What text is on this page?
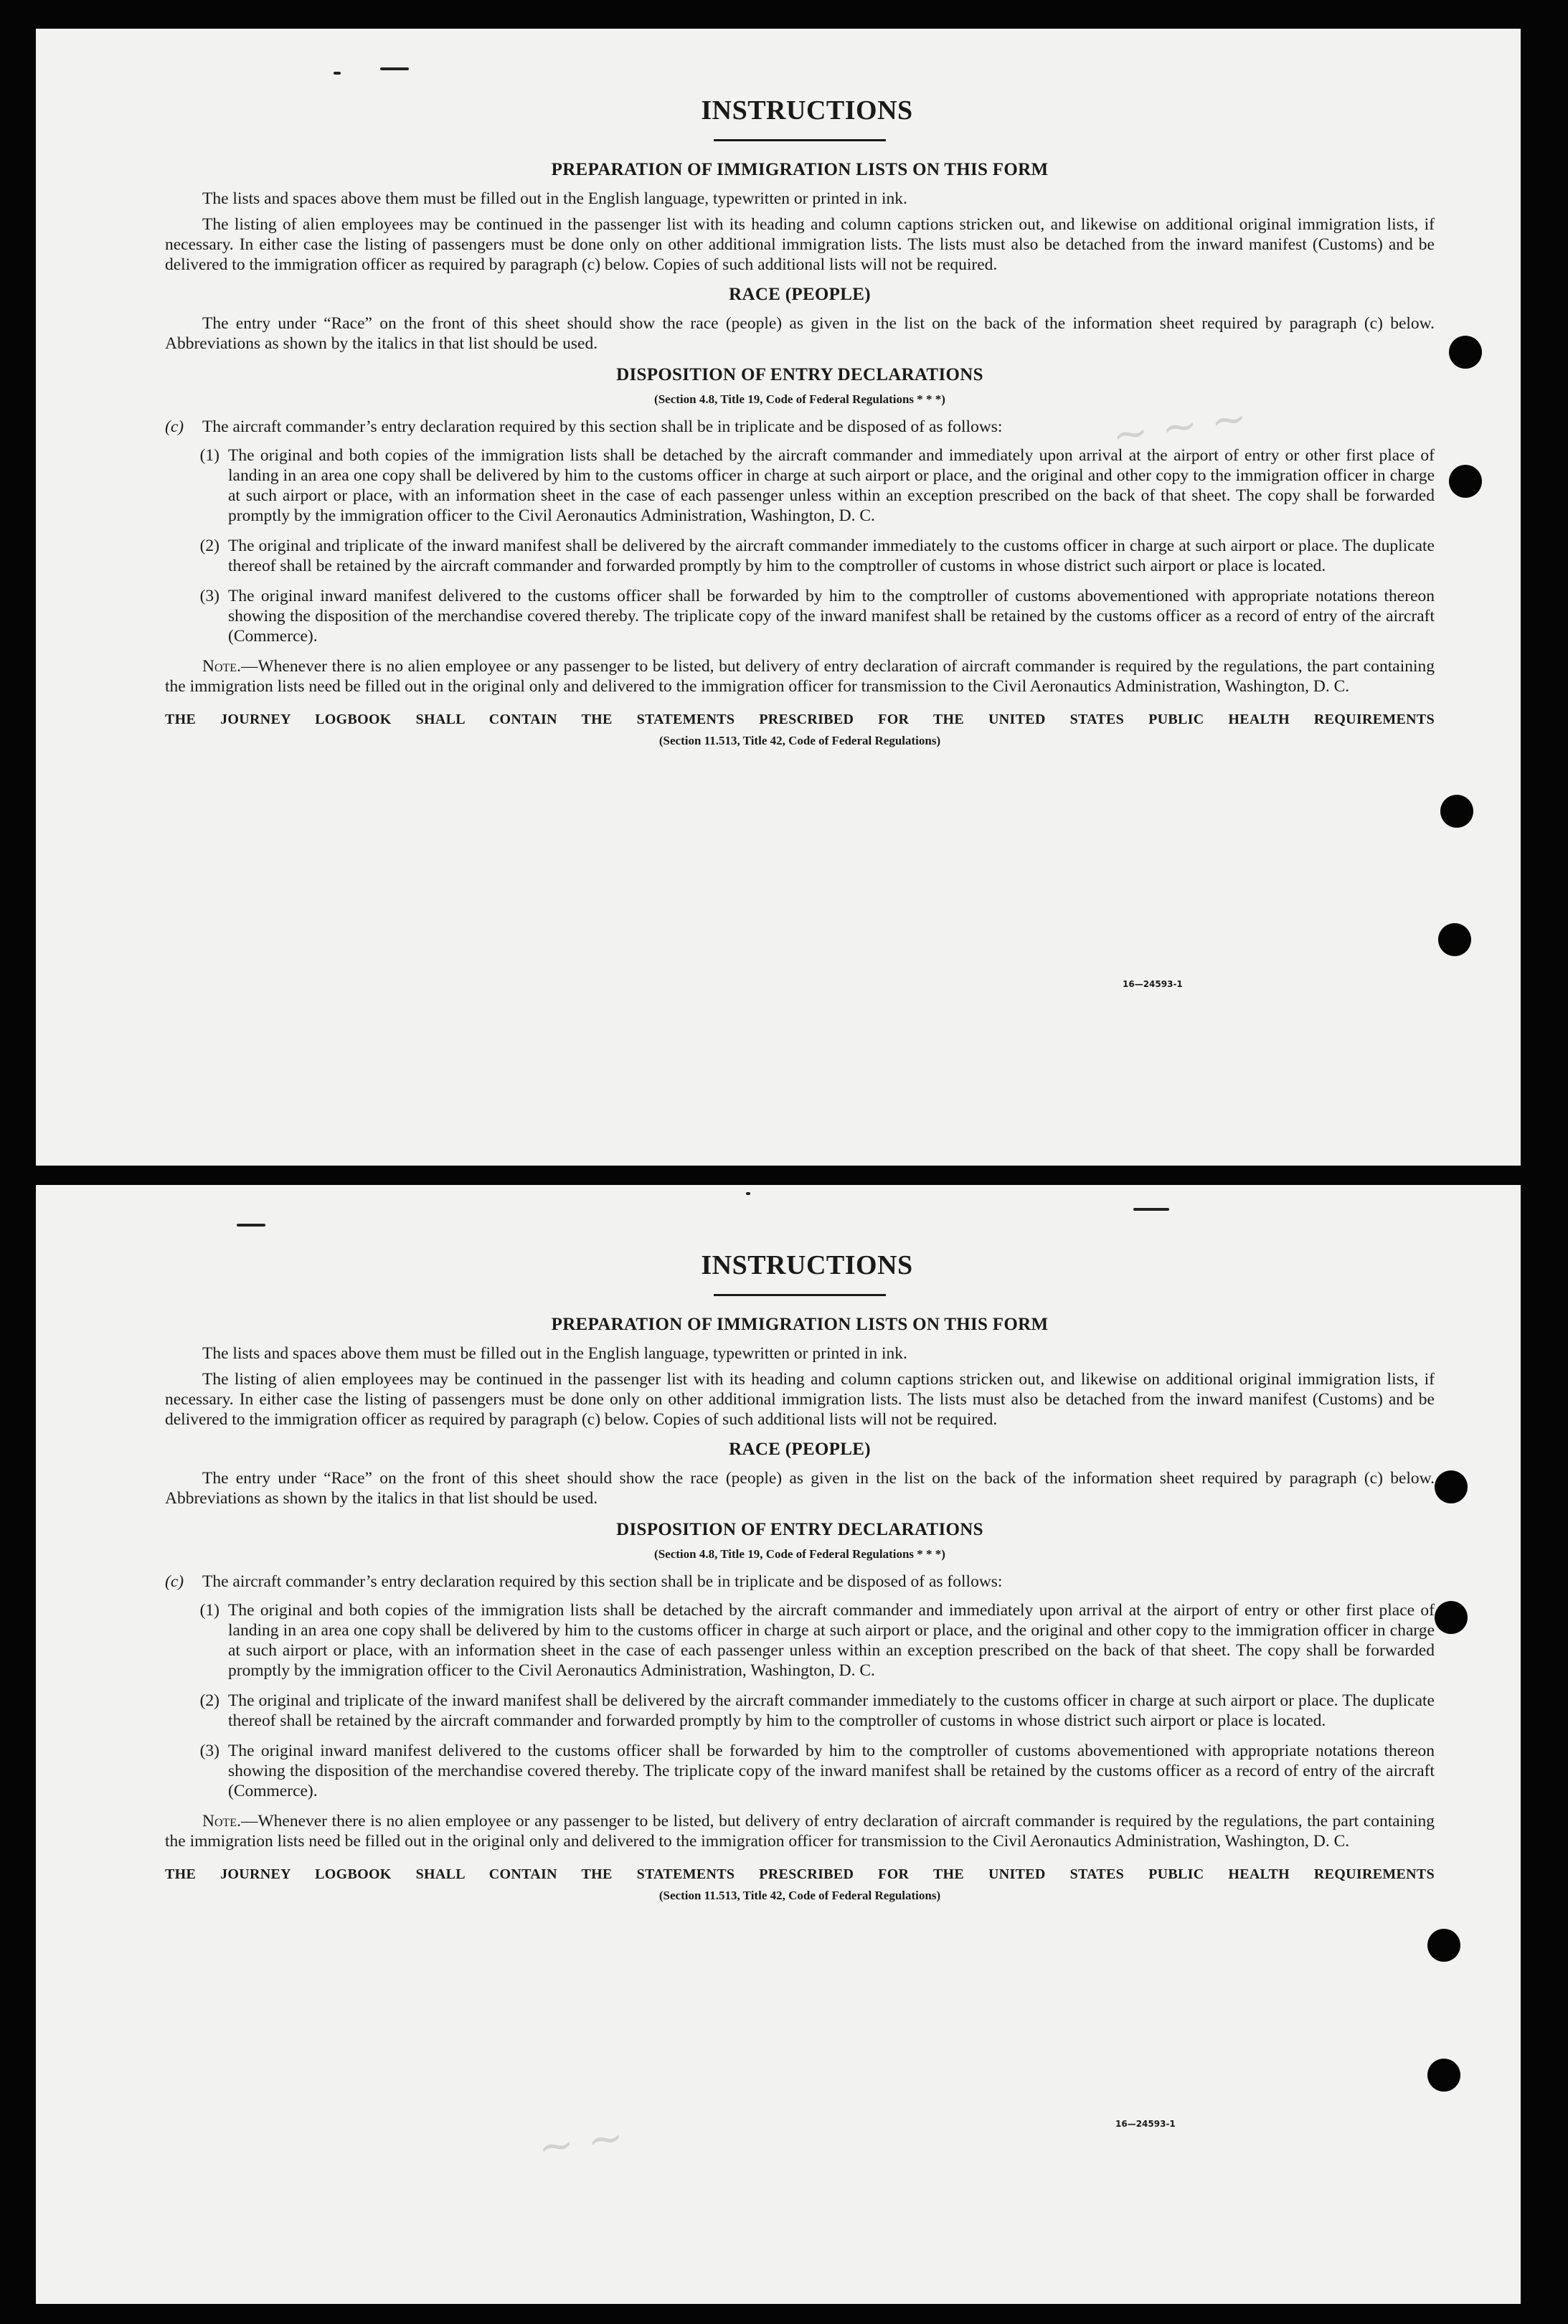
~ ~ ~
INSTRUCTIONS
PREPARATION OF IMMIGRATION LISTS ON THIS FORM

The lists and spaces above them must be filled out in the English language, typewritten or printed in ink.

The listing of alien employees may be continued in the passenger list with its heading and column captions stricken out, and likewise on additional original immigration lists, if necessary. In either case the listing of passengers must be done only on other additional immigration lists. The lists must also be detached from the inward manifest (Customs) and be delivered to the immigration officer as required by paragraph (c) below. Copies of such additional lists will not be required.

RACE (PEOPLE)

The entry under “Race” on the front of this sheet should show the race (people) as given in the list on the back of the information sheet required by paragraph (c) below. Abbreviations as shown by the italics in that list should be used.

DISPOSITION OF ENTRY DECLARATIONS
(Section 4.8, Title 19, Code of Federal Regulations * * *)
(c)	The aircraft commander’s entry declaration required by this section shall be in triplicate and be disposed of as follows:
(1) The original and both copies of the immigration lists shall be detached by the aircraft commander and immediately upon arrival at the airport of entry or other first place of landing in an area one copy shall be delivered by him to the customs officer in charge at such airport or place, and the original and other copy to the immigration officer in charge at such airport or place, with an information sheet in the case of each passenger unless within an exception prescribed on the back of that sheet. The copy shall be forwarded promptly by the immigration officer to the Civil Aeronautics Administration, Washington, D. C.
(2) The original and triplicate of the inward manifest shall be delivered by the aircraft commander immediately to the customs officer in charge at such airport or place. The duplicate thereof shall be retained by the aircraft commander and forwarded promptly by him to the comptroller of customs in whose district such airport or place is located.
(3) The original inward manifest delivered to the customs officer shall be forwarded by him to the comptroller of customs abovementioned with appropriate notations thereon showing the disposition of the merchandise covered thereby. The triplicate copy of the inward manifest shall be retained by the customs officer as a record of entry of the aircraft (Commerce).

Note.—Whenever there is no alien employee or any passenger to be listed, but delivery of entry declaration of aircraft commander is required by the regulations, the part containing the immigration lists need be filled out in the original only and delivered to the immigration officer for transmission to the Civil Aeronautics Administration, Washington, D. C.

THE JOURNEY LOGBOOK SHALL CONTAIN THE STATEMENTS PRESCRIBED FOR THE UNITED STATES PUBLIC HEALTH REQUIREMENTS
(Section 11.513, Title 42, Code of Federal Regulations)
16—24593-1
~ ~
INSTRUCTIONS
PREPARATION OF IMMIGRATION LISTS ON THIS FORM

The lists and spaces above them must be filled out in the English language, typewritten or printed in ink.

The listing of alien employees may be continued in the passenger list with its heading and column captions stricken out, and likewise on additional original immigration lists, if necessary. In either case the listing of passengers must be done only on other additional immigration lists. The lists must also be detached from the inward manifest (Customs) and be delivered to the immigration officer as required by paragraph (c) below. Copies of such additional lists will not be required.

RACE (PEOPLE)

The entry under “Race” on the front of this sheet should show the race (people) as given in the list on the back of the information sheet required by paragraph (c) below. Abbreviations as shown by the italics in that list should be used.

DISPOSITION OF ENTRY DECLARATIONS
(Section 4.8, Title 19, Code of Federal Regulations * * *)
(c)	The aircraft commander’s entry declaration required by this section shall be in triplicate and be disposed of as follows:
(1) The original and both copies of the immigration lists shall be detached by the aircraft commander and immediately upon arrival at the airport of entry or other first place of landing in an area one copy shall be delivered by him to the customs officer in charge at such airport or place, and the original and other copy to the immigration officer in charge at such airport or place, with an information sheet in the case of each passenger unless within an exception prescribed on the back of that sheet. The copy shall be forwarded promptly by the immigration officer to the Civil Aeronautics Administration, Washington, D. C.
(2) The original and triplicate of the inward manifest shall be delivered by the aircraft commander immediately to the customs officer in charge at such airport or place. The duplicate thereof shall be retained by the aircraft commander and forwarded promptly by him to the comptroller of customs in whose district such airport or place is located.
(3) The original inward manifest delivered to the customs officer shall be forwarded by him to the comptroller of customs abovementioned with appropriate notations thereon showing the disposition of the merchandise covered thereby. The triplicate copy of the inward manifest shall be retained by the customs officer as a record of entry of the aircraft (Commerce).

Note.—Whenever there is no alien employee or any passenger to be listed, but delivery of entry declaration of aircraft commander is required by the regulations, the part containing the immigration lists need be filled out in the original only and delivered to the immigration officer for transmission to the Civil Aeronautics Administration, Washington, D. C.

THE JOURNEY LOGBOOK SHALL CONTAIN THE STATEMENTS PRESCRIBED FOR THE UNITED STATES PUBLIC HEALTH REQUIREMENTS
(Section 11.513, Title 42, Code of Federal Regulations)
16—24593-1
